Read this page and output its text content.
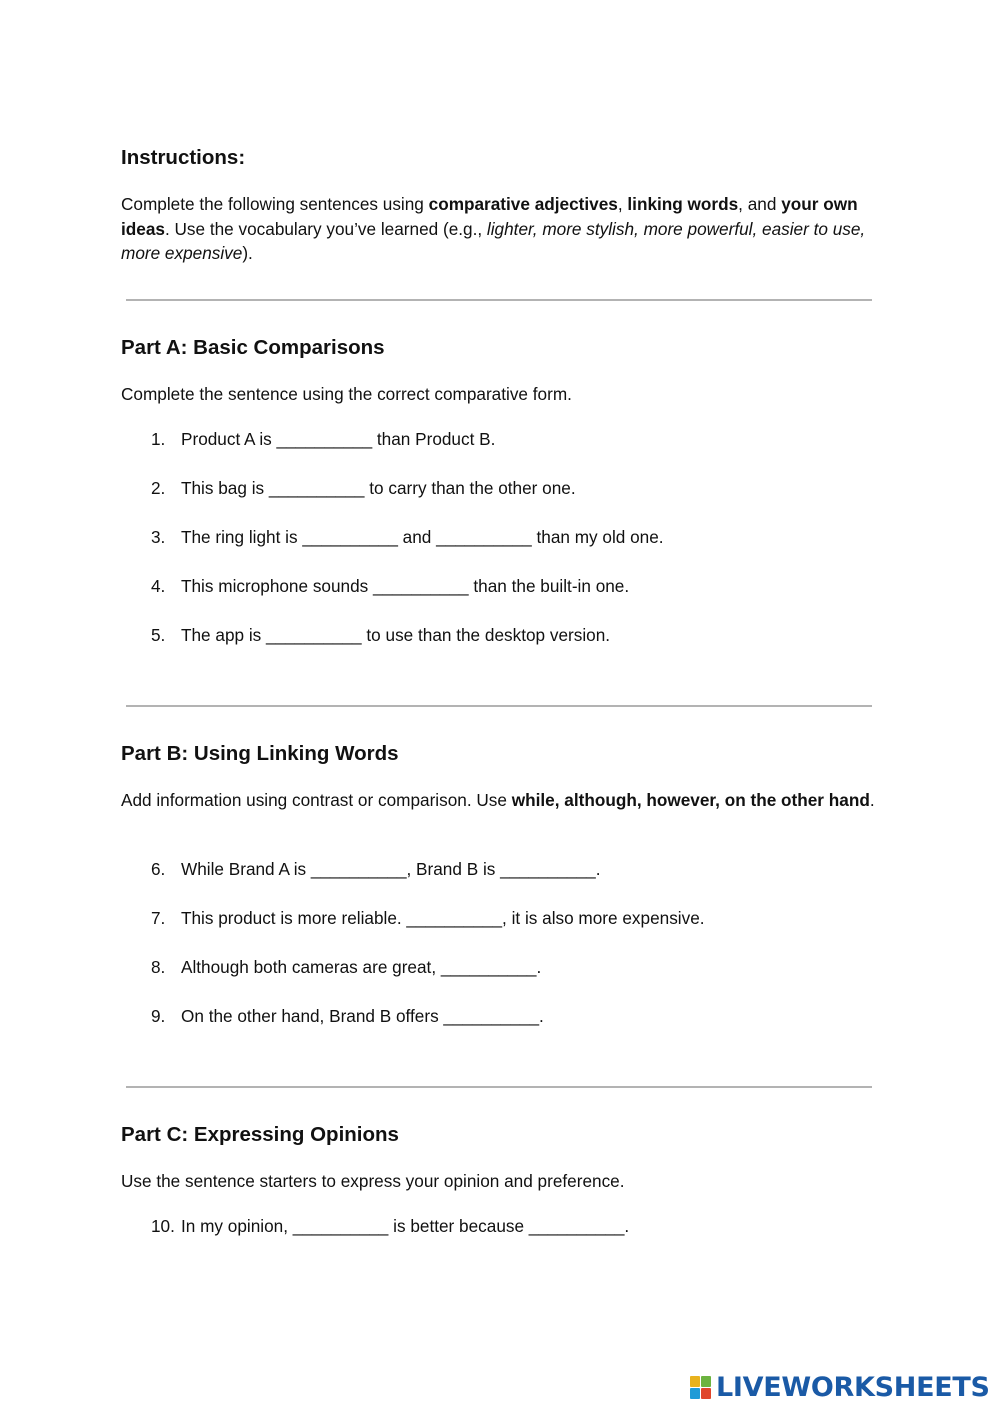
Instructions:

Complete the following sentences using comparative adjectives, linking words, and your own ideas. Use the vocabulary you’ve learned (e.g., lighter, more stylish, more powerful, easier to use, more expensive).

Part A: Basic Comparisons

Complete the sentence using the correct comparative form.

1. Product A is __________ than Product B.
2. This bag is __________ to carry than the other one.
3. The ring light is __________ and __________ than my old one.
4. This microphone sounds __________ than the built-in one.
5. The app is __________ to use than the desktop version.
Part B: Using Linking Words

Add information using contrast or comparison. Use while, although, however, on the other hand.

6. While Brand A is __________, Brand B is __________.
7. This product is more reliable. __________, it is also more expensive.
8. Although both cameras are great, __________.
9. On the other hand, Brand B offers __________.
Part C: Expressing Opinions

Use the sentence starters to express your opinion and preference.

10. In my opinion, __________ is better because __________.
LIVEWORKSHEETS
